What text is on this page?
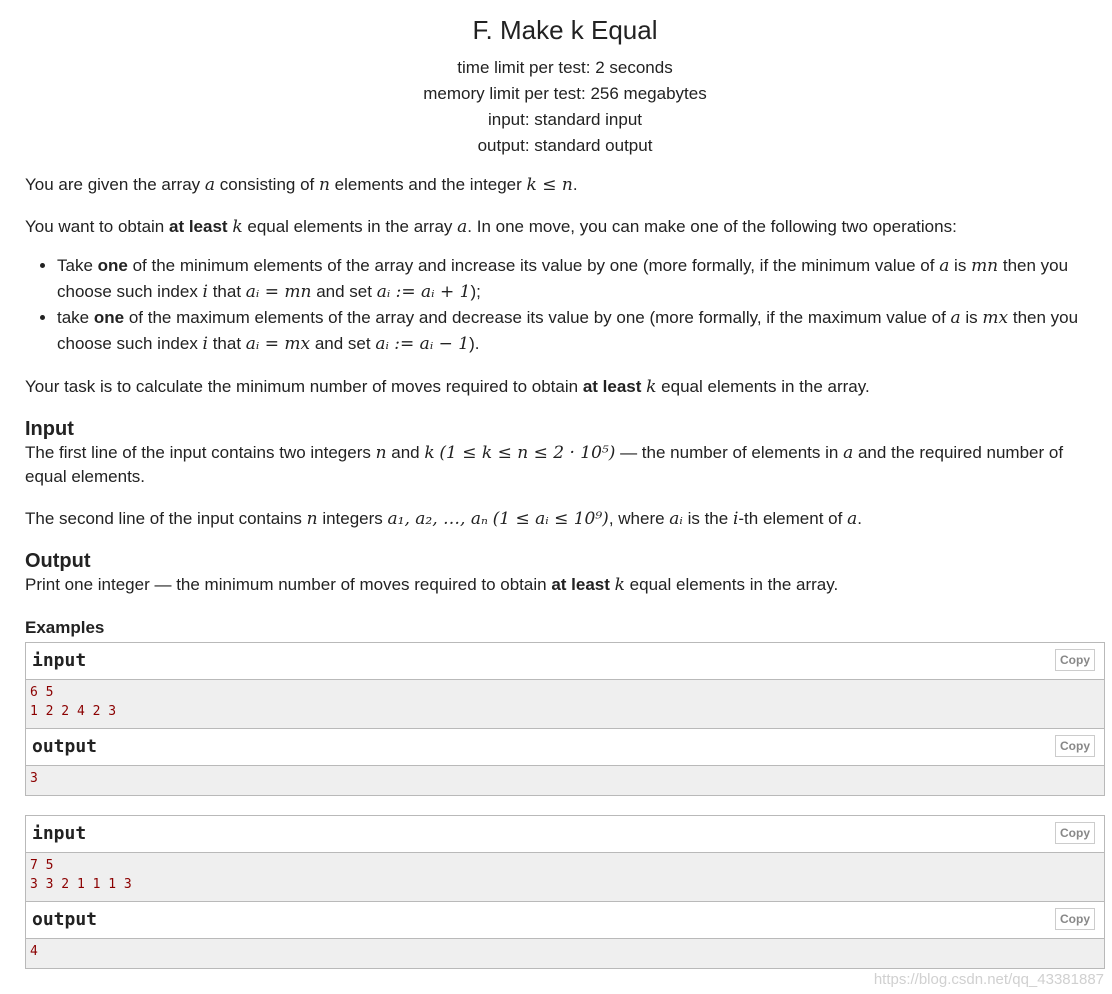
F. Make k Equal
time limit per test: 2 seconds
memory limit per test: 256 megabytes
input: standard input
output: standard output

You are given the array a consisting of n elements and the integer k ≤ n.

You want to obtain at least k equal elements in the array a. In one move, you can make one of the following two operations:

• Take one of the minimum elements of the array and increase its value by one (more formally, if the minimum value of a is mn then you choose such index i that aᵢ = mn and set aᵢ := aᵢ + 1);
• take one of the maximum elements of the array and decrease its value by one (more formally, if the maximum value of a is mx then you choose such index i that aᵢ = mx and set aᵢ := aᵢ − 1).

Your task is to calculate the minimum number of moves required to obtain at least k equal elements in the array.

Input

The first line of the input contains two integers n and k (1 ≤ k ≤ n ≤ 2 · 10⁵) — the number of elements in a and the required number of equal elements.

The second line of the input contains n integers a₁, a₂, …, aₙ (1 ≤ aᵢ ≤ 10⁹), where aᵢ is the i-th element of a.

Output

Print one integer — the minimum number of moves required to obtain at least k equal elements in the array.

Examples
input	Copy
6 5
1 2 2 4 2 3
output	Copy
3
input	Copy
7 5
3 3 2 1 1 1 3
output	Copy
4
https://blog.csdn.net/qq_43381887
